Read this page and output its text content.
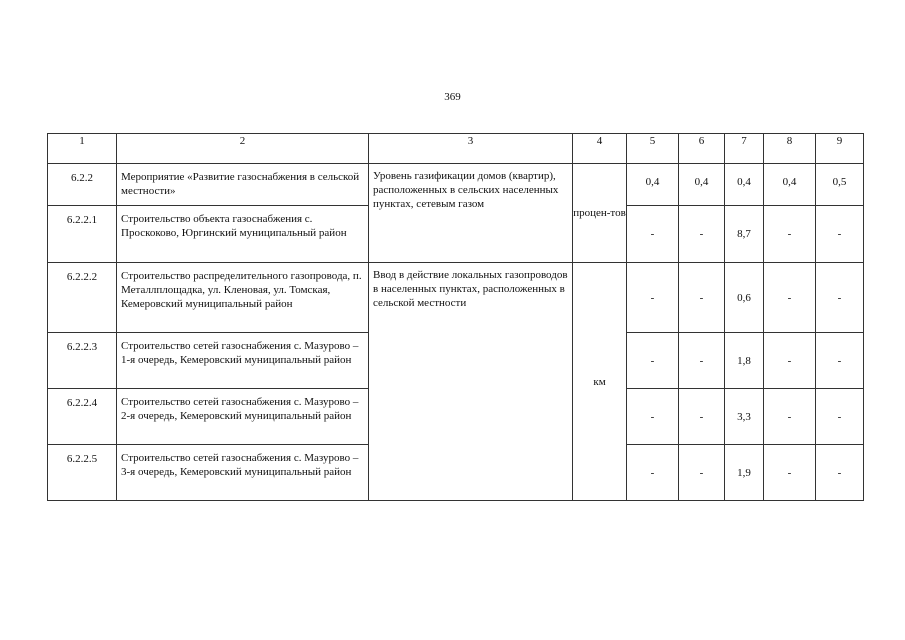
369
1	2	3	4	5	6	7	8	9
6.2.2	Мероприятие «Развитие газоснабжения в сельской местности»	Уровень газификации домов (квартир), расположенных в сельских населенных пунктах, сетевым газом	процен-тов	0,4	0,4	0,4	0,4	0,5
6.2.2.1	Строительство объекта газоснабжения с. Проскоково, Юргинский муниципальный район			-	-	8,7	-	-
6.2.2.2	Строительство распределительного газопровода, п. Металлплощадка, ул. Кленовая, ул. Томская, Кемеровский муниципальный район	Ввод в действие локальных газопроводов в населенных пунктах, расположенных в сельской местности	км	-	-	0,6	-	-
6.2.2.3	Строительство сетей газоснабжения с. Мазурово – 1-я очередь, Кемеровский муниципальный район			-	-	1,8	-	-
6.2.2.4	Строительство сетей газоснабжения с. Мазурово – 2-я очередь, Кемеровский муниципальный район			-	-	3,3	-	-
6.2.2.5	Строительство сетей газоснабжения с. Мазурово – 3-я очередь, Кемеровский муниципальный район			-	-	1,9	-	-
